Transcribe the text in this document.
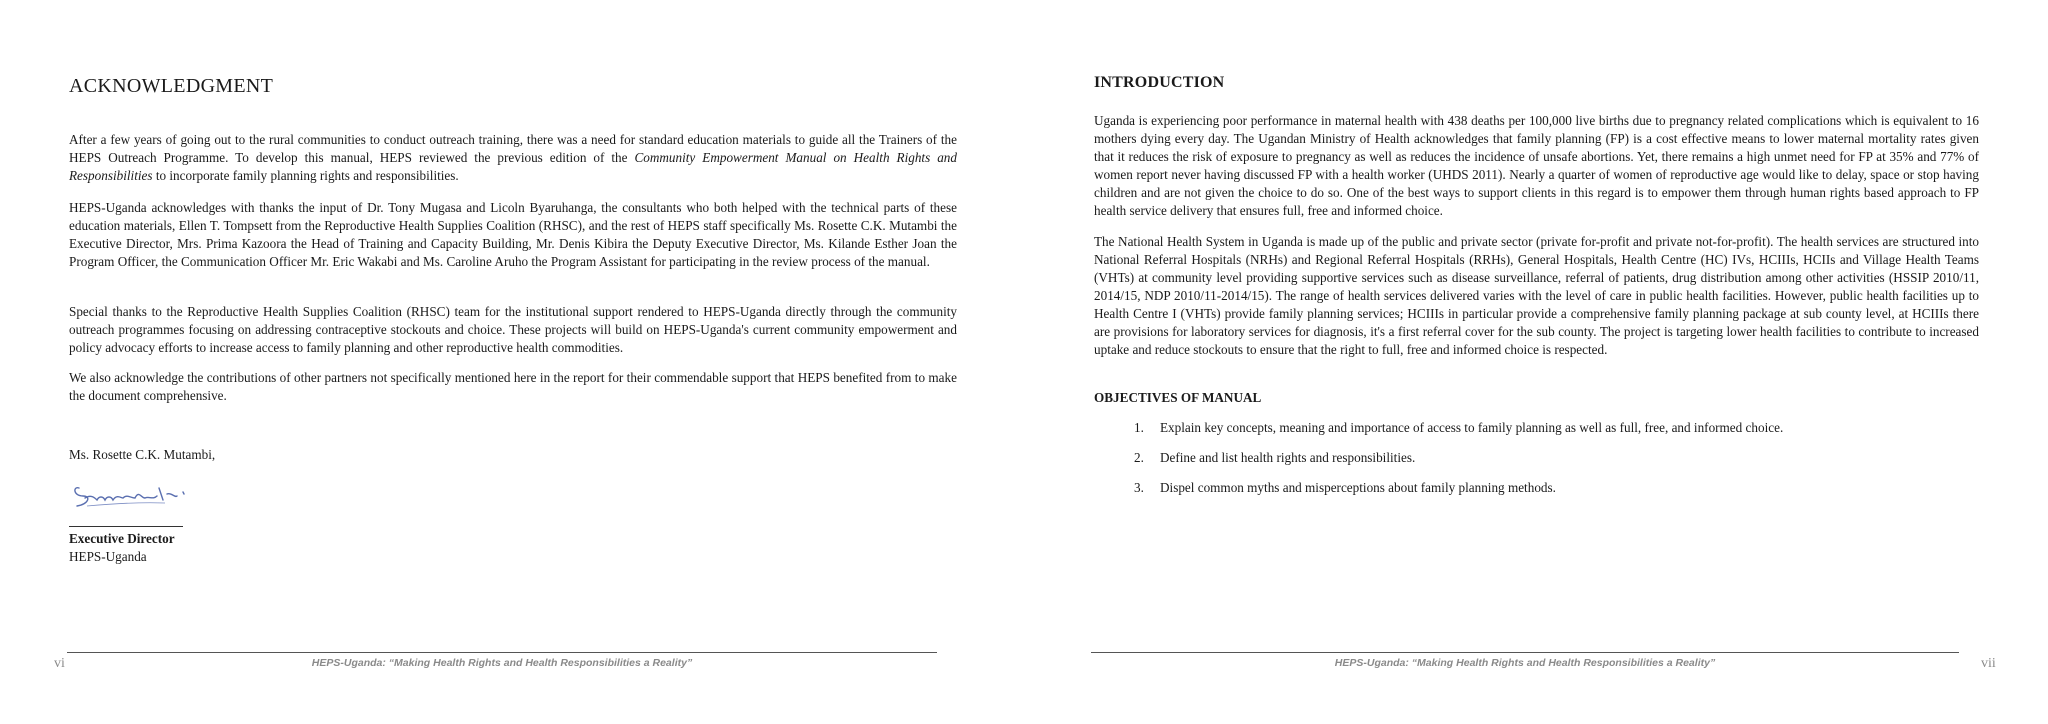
ACKNOWLEDGMENT

After a few years of going out to the rural communities to conduct outreach training, there was a need for standard education materials to guide all the Trainers of the HEPS Outreach Programme. To develop this manual, HEPS reviewed the previous edition of the Community Empowerment Manual on Health Rights and Responsibilities to incorporate family planning rights and responsibilities.

HEPS-Uganda acknowledges with thanks the input of Dr. Tony Mugasa and Licoln Byaruhanga, the consultants who both helped with the technical parts of these education materials, Ellen T. Tompsett from the Reproductive Health Supplies Coalition (RHSC), and the rest of HEPS staff specifically Ms. Rosette C.K. Mutambi the Executive Director, Mrs. Prima Kazoora the Head of Training and Capacity Building, Mr. Denis Kibira the Deputy Executive Director, Ms. Kilande Esther Joan the Program Officer, the Communication Officer Mr. Eric Wakabi and Ms. Caroline Aruho the Program Assistant for participating in the review process of the manual.

Special thanks to the Reproductive Health Supplies Coalition (RHSC) team for the institutional support rendered to HEPS-Uganda directly through the community outreach programmes focusing on addressing contraceptive stockouts and choice. These projects will build on HEPS-Uganda's current community empowerment and policy advocacy efforts to increase access to family planning and other reproductive health commodities.

We also acknowledge the contributions of other partners not specifically mentioned here in the report for their commendable support that HEPS benefited from to make the document comprehensive.

Ms. Rosette C.K. Mutambi,
Executive Director
HEPS-Uganda
vi	HEPS-Uganda: “Making Health Rights and Health Responsibilities a Reality”
INTRODUCTION

Uganda is experiencing poor performance in maternal health with 438 deaths per 100,000 live births due to pregnancy related complications which is equivalent to 16 mothers dying every day. The Ugandan Ministry of Health acknowledges that family planning (FP) is a cost effective means to lower maternal mortality rates given that it reduces the risk of exposure to pregnancy as well as reduces the incidence of unsafe abortions. Yet, there remains a high unmet need for FP at 35% and 77% of women report never having discussed FP with a health worker (UHDS 2011). Nearly a quarter of women of reproductive age would like to delay, space or stop having children and are not given the choice to do so. One of the best ways to support clients in this regard is to empower them through human rights based approach to FP health service delivery that ensures full, free and informed choice.

The National Health System in Uganda is made up of the public and private sector (private for-profit and private not-for-profit). The health services are structured into National Referral Hospitals (NRHs) and Regional Referral Hospitals (RRHs), General Hospitals, Health Centre (HC) IVs, HCIIIs, HCIIs and Village Health Teams (VHTs) at community level providing supportive services such as disease surveillance, referral of patients, drug distribution among other activities (HSSIP 2010/11, 2014/15, NDP 2010/11-2014/15). The range of health services delivered varies with the level of care in public health facilities. However, public health facilities up to Health Centre I (VHTs) provide family planning services; HCIIIs in particular provide a comprehensive family planning package at sub county level, at HCIIIs there are provisions for laboratory services for diagnosis, it's a first referral cover for the sub county. The project is targeting lower health facilities to contribute to increased uptake and reduce stockouts to ensure that the right to full, free and informed choice is respected.

OBJECTIVES OF MANUAL
1. Explain key concepts, meaning and importance of access to family planning as well as full, free, and informed choice.
2. Define and list health rights and responsibilities.
3. Dispel common myths and misperceptions about family planning methods.
HEPS-Uganda: “Making Health Rights and Health Responsibilities a Reality”	vii
